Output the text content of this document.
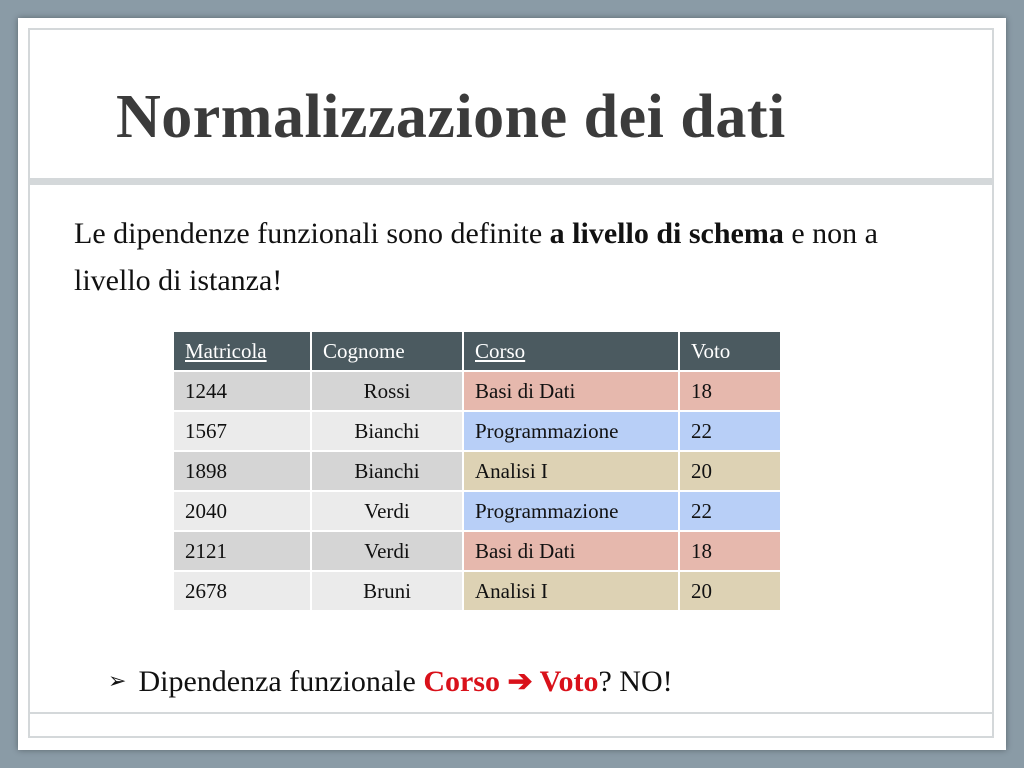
Normalizzazione dei dati
Le dipendenze funzionali sono definite a livello di schema e non a livello di istanza!
Matricola	Cognome	Corso	Voto
1244	Rossi	Basi di Dati	18
1567	Bianchi	Programmazione	22
1898	Bianchi	Analisi I	20
2040	Verdi	Programmazione	22
2121	Verdi	Basi di Dati	18
2678	Bruni	Analisi I	20
➢ Dipendenza funzionale Corso ➔ Voto? NO!
